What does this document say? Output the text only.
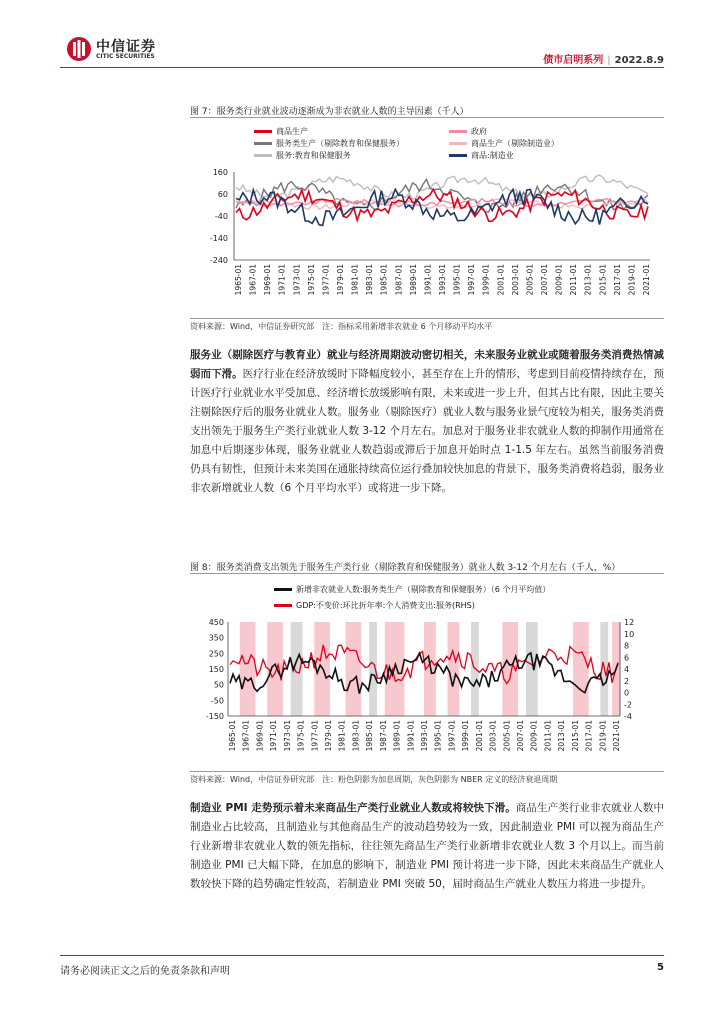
中信证券
CITIC SECURITIES	债市启明系列 | 2022.8.9
图 7：服务类行业就业波动逐渐成为非农就业人数的主导因素（千人）
商品生产	政府
服务类生产（剔除教育和保健服务）	商品生产（剔除制造业）
服务:教育和保健服务	商品:制造业
160
60
-40
-140
-240
1965-01 1967-01 1969-01 1971-01 1973-01 1975-01 1977-01 1979-01 1981-01 1983-01 1985-01 1987-01 1989-01 1991-01 1993-01 1995-01 1997-01 1999-01 2001-01 2003-01 2005-01 2007-01 2009-01 2011-01 2013-01 2015-01 2017-01 2019-01 2021-01
资料来源：Wind，中信证券研究部　注：指标采用新增非农就业 6 个月移动平均水平
服务业（剔除医疗与教育业）就业与经济周期波动密切相关，未来服务业就业或随着服务类消费热情减弱而下滑。医疗行业在经济放缓时下降幅度较小，甚至存在上升的情形，考虑到目前疫情持续存在，预计医疗行业就业水平受加息、经济增长放缓影响有限，未来或进一步上升，但其占比有限，因此主要关注剔除医疗后的服务业就业人数。服务业（剔除医疗）就业人数与服务业景气度较为相关，服务类消费支出领先于服务生产类行业就业人数 3-12 个月左右。加息对于服务业非农就业人数的抑制作用通常在加息中后期逐步体现，服务业就业人数趋弱或滞后于加息开始时点 1-1.5 年左右。虽然当前服务消费仍具有韧性，但预计未来美国在通胀持续高位运行叠加较快加息的背景下，服务类消费将趋弱，服务业非农新增就业人数（6 个月平均水平）或将进一步下降。
图 8：服务类消费支出领先于服务生产类行业（剔除教育和保健服务）就业人数 3-12 个月左右（千人，%）
新增非农就业人数:服务类生产（剔除教育和保健服务）（6 个月平均值）
GDP:不变价:环比折年率:个人消费支出:服务(RHS)
450
350
250
150
50
-50
-150
12
10
8
6
4
2
0
-2
-4
1965-01 1967-01 1969-01 1971-01 1973-01 1975-01 1977-01 1979-01 1981-01 1983-01 1985-01 1987-01 1989-01 1991-01 1993-01 1995-01 1997-01 1999-01 2001-01 2003-01 2005-01 2007-01 2009-01 2011-01 2013-01 2015-01 2017-01 2019-01 2021-01
资料来源：Wind，中信证券研究部　注：粉色阴影为加息周期，灰色阴影为 NBER 定义的经济衰退周期
制造业 PMI 走势预示着未来商品生产类行业就业人数或将较快下滑。商品生产类行业非农就业人数中制造业占比较高，且制造业与其他商品生产的波动趋势较为一致，因此制造业 PMI 可以视为商品生产行业新增非农就业人数的领先指标，往往领先商品生产类行业新增非农就业人数 3 个月以上。而当前制造业 PMI 已大幅下降，在加息的影响下，制造业 PMI 预计将进一步下降，因此未来商品生产就业人数较快下降的趋势确定性较高，若制造业 PMI 突破 50，届时商品生产就业人数压力将进一步提升。
请务必阅读正文之后的免责条款和声明	5
